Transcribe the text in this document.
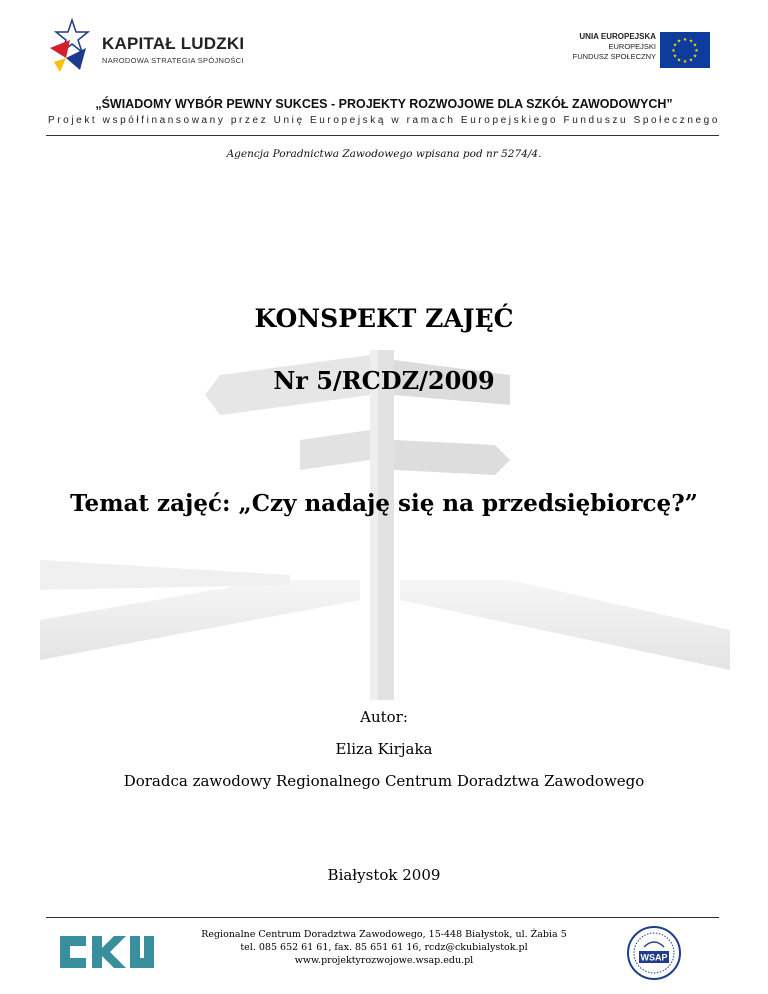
KAPITAŁ LUDZKI
NARODOWA STRATEGIA SPÓJNOŚCI
UNIA EUROPEJSKA
EUROPEJSKI
FUNDUSZ SPOŁECZNY
★ ★
★
★
★
★
★
★
★
★
★
★
„ŚWIADOMY WYBÓR PEWNY SUKCES - PROJEKTY ROZWOJOWE DLA SZKÓŁ ZAWODOWYCH”
Projekt współfinansowany przez Unię Europejską w ramach Europejskiego Funduszu Społecznego
Agencja Poradnictwa Zawodowego wpisana pod nr 5274/4.
KONSPEKT ZAJĘĆ
Nr 5/RCDZ/2009
Temat zajęć: „Czy nadaję się na przedsiębiorcę?”
Autor:
Eliza Kirjaka
Doradca zawodowy Regionalnego Centrum Doradztwa Zawodowego
Białystok 2009
Regionalne Centrum Doradztwa Zawodowego, 15-448 Białystok, ul. Żabia 5
tel. 085 652 61 61, fax. 85 651 61 16, rcdz@ckubialystok.pl
www.projektyrozwojowe.wsap.edu.pl	WSAP
